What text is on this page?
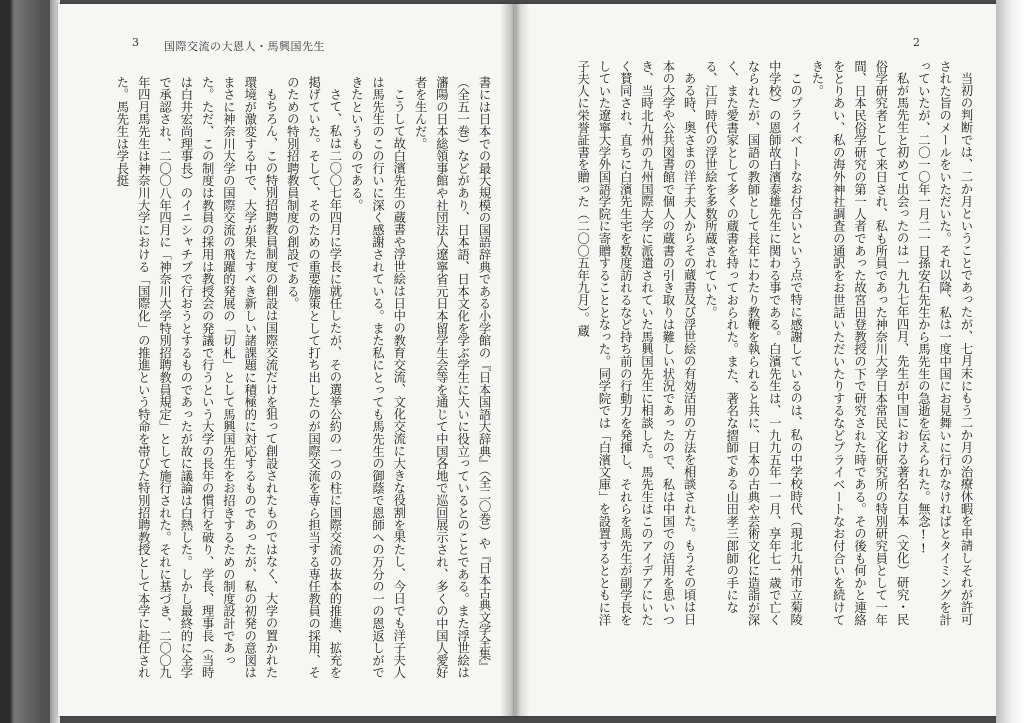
3 国際交流の大恩人・馬興国先生	2

書には日本での最大規模の国語辞典である小学館の『日本国語大辞典』（全二〇巻）や『日本古典文学全集』（全五一巻）などがあり、日本語、日本文化を学ぶ学生に大いに役立っているとのことである。また浮世絵は瀋陽の日本総領事館や社団法人遼寧省元日本留学生会等を通じて中国各地で巡回展示され、多くの中国人愛好者を生んだ。

こうして故白濱先生の蔵書や浮世絵は日中の教育交流、文化交流に大きな役割を果たし、今日でも洋子夫人は馬先生のこの行いに深く感謝されている。また私にとっても馬先生の御蔭で恩師への万分の一の恩返しができたというものである。

さて、私は二〇〇七年四月に学長に就任したが、その選挙公約の一つの柱に国際交流の抜本的推進、拡充を掲げていた。そして、そのための重要施策として打ち出したのが国際交流を専ら担当する専任教員の採用、そのための特別招聘教員制度の創設である。

もちろん、この特別招聘教員制度の創設は国際交流だけを狙って創設されたものではなく、大学の置かれた環境が激変する中で、大学が果たすべき新しい諸課題に積極的に対応するものであったが、私の初発の意図はまさに神奈川大学の国際交流の飛躍的発展の「切札」として馬興国先生をお招きするための制度設計であった。ただ、この制度は教員の採用は教授会の発議で行うという大学の長年の慣行を破り、学長、理事長（当時は白井宏尚理事長）のイニシャチブで行おうとするものであったが故に議論は白熱した。しかし最終的に全学で承認され、二〇〇八年四月に「神奈川大学特別招聘教員規定」として施行された。それに基づき、二〇〇九年四月馬先生は神奈川大学における「国際化」の推進という特命を帯びた特別招聘教授として本学に赴任された。馬先生は学長挺	当初の判断では、二か月ということであったが、七月末にもう二か月の治療休暇を申請しそれが許可された旨のメールをいただいた。それ以降、私は一度中国にお見舞いに行かなければとタイミングを計っていたが、二〇一〇年一月二一日孫安石先生から馬先生の急逝を伝えられた。無念!!

私が馬先生と初めて出会ったのは一九九七年四月、先生が中国における著名な日本（文化）研究・民俗学研究者として来日され、私も所員であった神奈川大学日本常民文化研究所の特別研究員として一年間、日本民俗学研究の第一人者であった故宮田登教授の下で研究された時である。その後も何かと連絡をとりあい、私の海外神社調査の通訳をお世話いただいたりするなどプライベートなお付合いを続けてきた。

このプライベートなお付合いという点で特に感謝しているのは、私の中学校時代（現北九州市立菊陵中学校）の恩師故白濱泰雄先生に関わる事である。白濱先生は、一九九五年一一月、享年七一歳で亡くなられたが、国語の教師として長年にわたり教鞭を執られると共に、日本の古典や芸術文化に造詣が深く、また愛書家として多くの蔵書を持っておられた。また、著名な摺師である山田孝三郎師の手になる、江戸時代の浮世絵を多数所蔵されていた。

ある時、奥さまの洋子夫人からその蔵書及び浮世絵の有効活用の方法を相談された。もうその頃は日本の大学や公共図書館で個人の蔵書の引き取りは難しい状況であったので、私は中国での活用を思いつき、当時北九州の九州国際大学に派遣されていた馬興国先生に相談した。馬先生はこのアイデアにいたく賛同され、直ちに白濱先生宅を数度訪れるなど持ち前の行動力を発揮し、それらを馬先生が副学長をしていた遼寧大学外国語学院に寄贈することとなった。同学院では「白濱文庫」を設置するとともに洋子夫人に栄誉証書を贈った（二〇〇五年九月）。蔵
